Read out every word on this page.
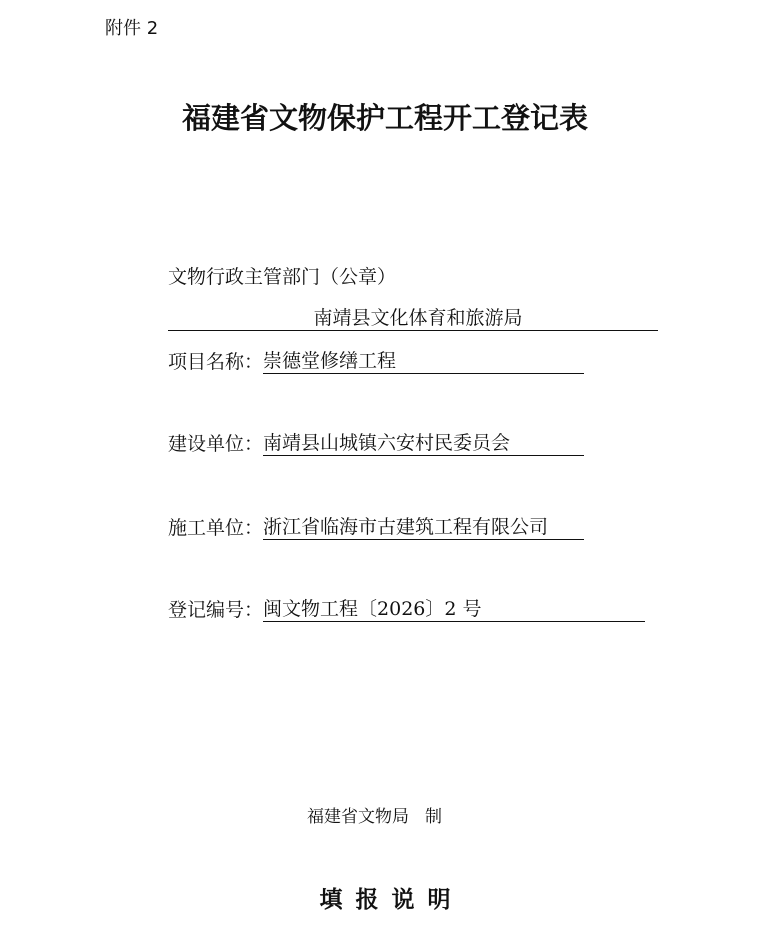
附件 2
福建省文物保护工程开工登记表
文物行政主管部门（公章）
南靖县文化体育和旅游局
项目名称： 崇德堂修缮工程
建设单位： 南靖县山城镇六安村民委员会
施工单位： 浙江省临海市古建筑工程有限公司
登记编号： 闽文物工程〔2026〕2 号
福建省文物局 制
填报说明
